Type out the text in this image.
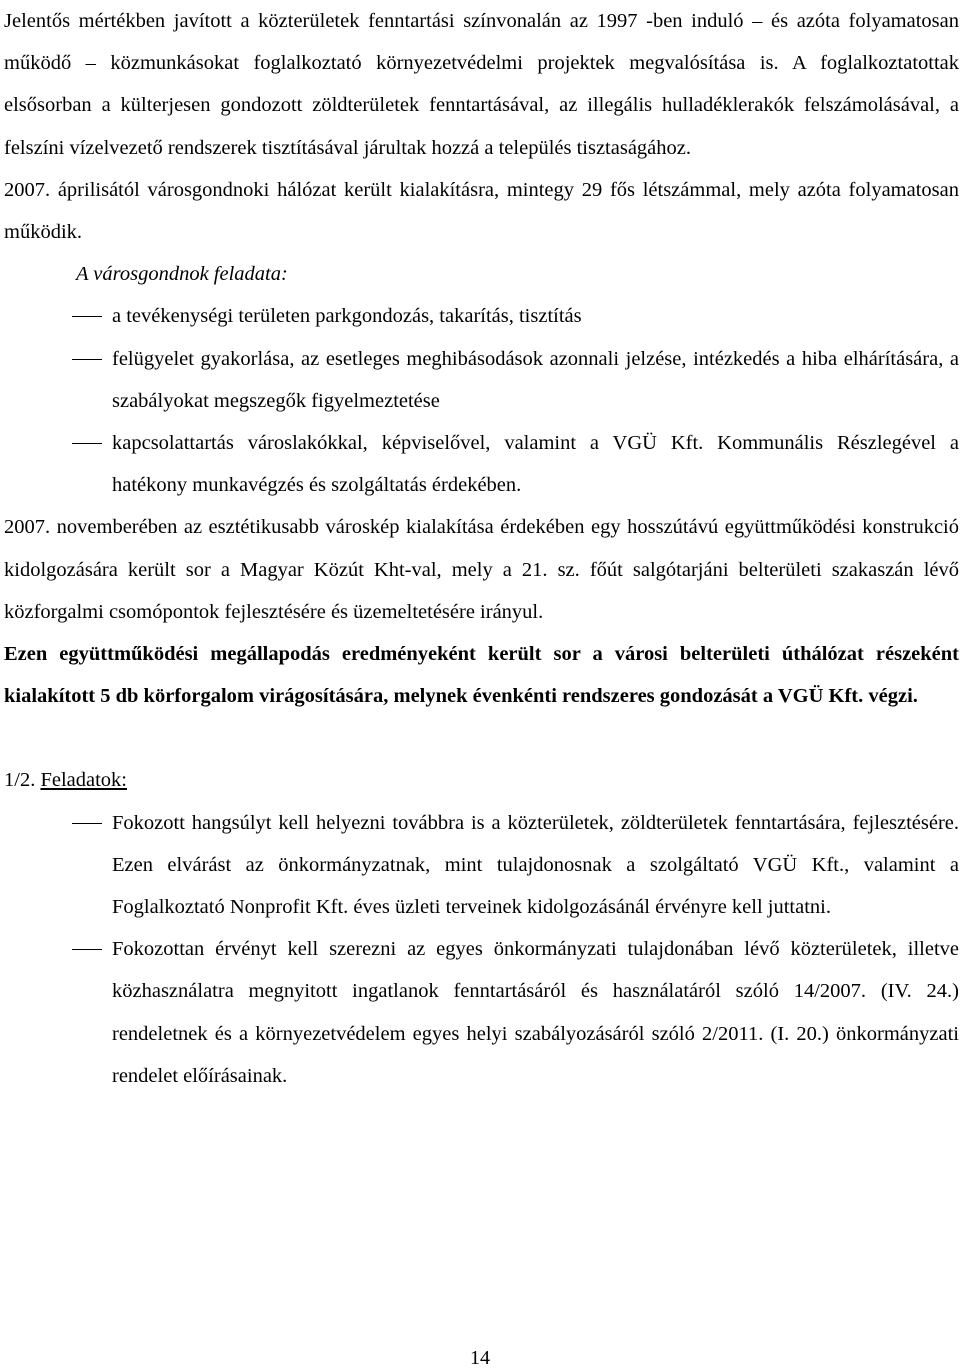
Jelentős mértékben javított a közterületek fenntartási színvonalán az 1997 -ben induló – és azóta folyamatosan működő – közmunkásokat foglalkoztató környezetvédelmi projektek megvalósítása is. A foglalkoztatottak elsősorban a külterjesen gondozott zöldterületek fenntartásával, az illegális hulladéklerakók felszámolásával, a felszíni vízelvezető rendszerek tisztításával járultak hozzá a település tisztaságához.

2007. áprilisától városgondnoki hálózat került kialakításra, mintegy 29 fős létszámmal, mely azóta folyamatosan működik.

A városgondnok feladata:

a tevékenységi területen parkgondozás, takarítás, tisztítás
felügyelet gyakorlása, az esetleges meghibásodások azonnali jelzése, intézkedés a hiba elhárítására, a szabályokat megszegők figyelmeztetése
kapcsolattartás városlakókkal, képviselővel, valamint a VGÜ Kft. Kommunális Részlegével a hatékony munkavégzés és szolgáltatás érdekében.

2007. novemberében az esztétikusabb városkép kialakítása érdekében egy hosszútávú együttműködési konstrukció kidolgozására került sor a Magyar Közút Kht-val, mely a 21. sz. főút salgótarjáni belterületi szakaszán lévő közforgalmi csomópontok fejlesztésére és üzemeltetésére irányul.

Ezen együttműködési megállapodás eredményeként került sor a városi belterületi úthálózat részeként kialakított 5 db körforgalom virágosítására, melynek évenkénti rendszeres gondozását a VGÜ Kft. végzi.

1/2. Feladatok:

Fokozott hangsúlyt kell helyezni továbbra is a közterületek, zöldterületek fenntartására, fejlesztésére. Ezen elvárást az önkormányzatnak, mint tulajdonosnak a szolgáltató VGÜ Kft., valamint a Foglalkoztató Nonprofit Kft. éves üzleti terveinek kidolgozásánál érvényre kell juttatni.
Fokozottan érvényt kell szerezni az egyes önkormányzati tulajdonában lévő közterületek, illetve közhasználatra megnyitott ingatlanok fenntartásáról és használatáról szóló 14/2007. (IV. 24.) rendeletnek és a környezetvédelem egyes helyi szabályozásáról szóló 2/2011. (I. 20.) önkormányzati rendelet előírásainak.
14
